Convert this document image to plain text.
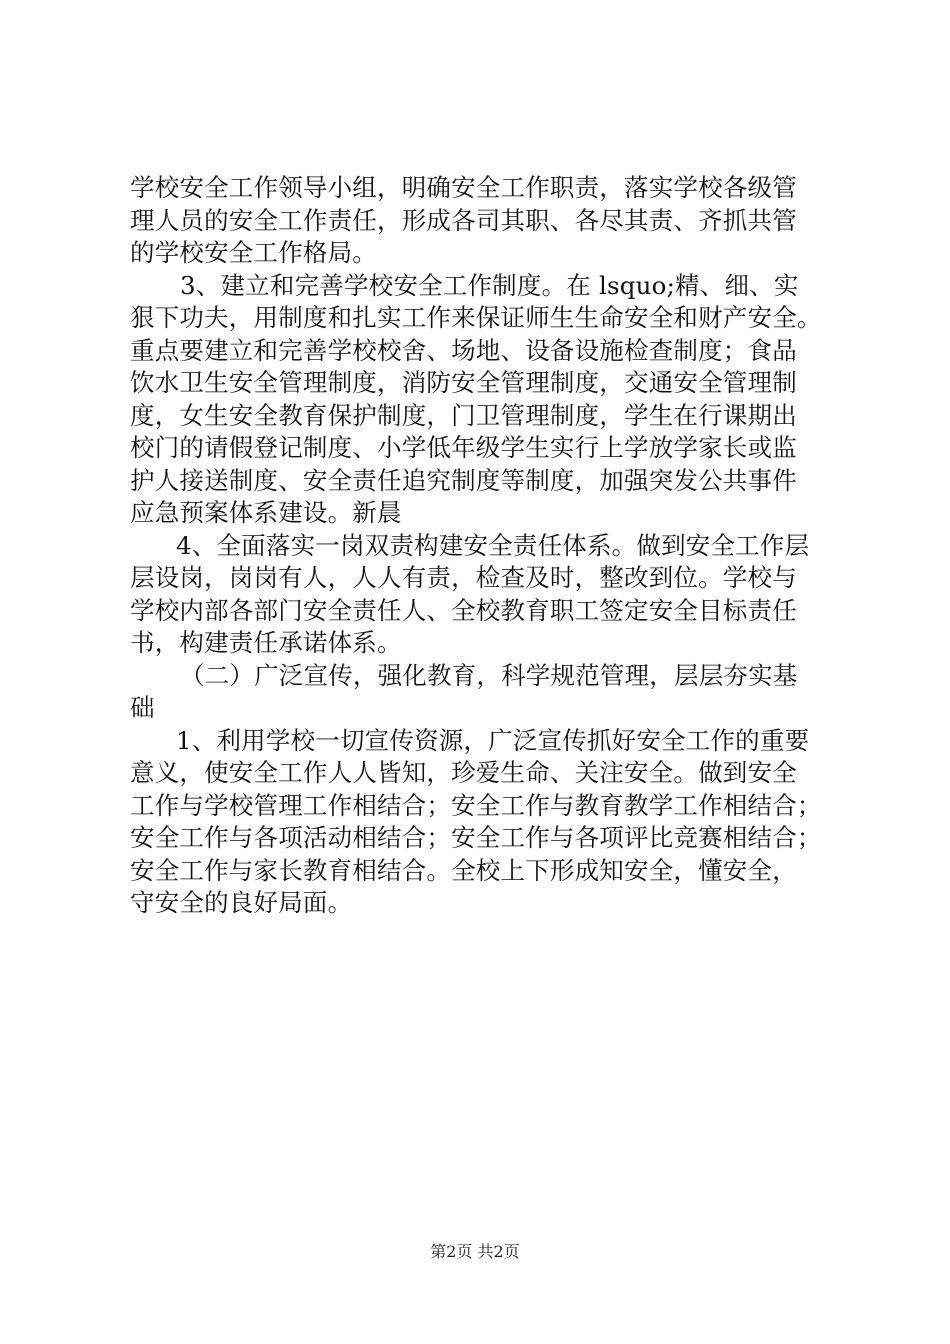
学校安全工作领导小组，明确安全工作职责，落实学校各级管
理人员的安全工作责任，形成各司其职、各尽其责、齐抓共管
的学校安全工作格局。
3、建立和完善学校安全工作制度。在 lsquo;精、细、实
狠下功夫，用制度和扎实工作来保证师生生命安全和财产安全。
重点要建立和完善学校校舍、场地、设备设施检查制度；食品
饮水卫生安全管理制度，消防安全管理制度，交通安全管理制
度，女生安全教育保护制度，门卫管理制度，学生在行课期出
校门的请假登记制度、小学低年级学生实行上学放学家长或监
护人接送制度、安全责任追究制度等制度，加强突发公共事件
应急预案体系建设。新晨
4、全面落实一岗双责构建安全责任体系。做到安全工作层
层设岗，岗岗有人，人人有责，检查及时，整改到位。学校与
学校内部各部门安全责任人、全校教育职工签定安全目标责任
书，构建责任承诺体系。
（二）广泛宣传，强化教育，科学规范管理，层层夯实基
础
1、利用学校一切宣传资源，广泛宣传抓好安全工作的重要
意义，使安全工作人人皆知，珍爱生命、关注安全。做到安全
工作与学校管理工作相结合；安全工作与教育教学工作相结合；
安全工作与各项活动相结合；安全工作与各项评比竞赛相结合；
安全工作与家长教育相结合。全校上下形成知安全，懂安全，
守安全的良好局面。
第2页 共2页
